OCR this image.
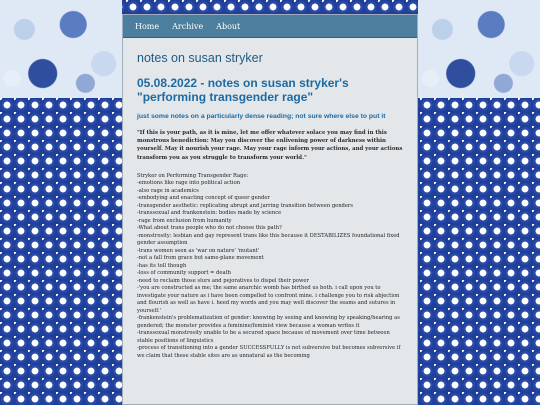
Home Archive About
notes on susan stryker
05.08.2022 - notes on susan stryker's "performing transgender rage"

just some notes on a particularly dense reading; not sure where else to put it

"If this is your path, as it is mine, let me offer whatever solace you may find in this monstrous benediction: May you discover the enlivening power of darkness within yourself. May it nourish your rage. May your rage inform your actions, and your actions transform you as you struggle to transform your world."

Stryker on Performing Transgender Rage:
-emotions like rage into political action
-also rage in academics
-embodying and enacting concept of queer gender
-transgender aesthetic: replicating abrupt and jarring transition between genders
-transsexual and frankenstein: bodies made by science
-rage from exclusion from humanity
-What about trans people who do not choose this path?
-monstrosity: lesbian and gay represent trans like this because it DESTABILIZES foundational fixed gender assumption
-trans women seen as 'war on nature' 'mutant'
-not a fall from grace but same-plane movement
-has its toll though
-loss of community support = death
-need to reclaim those slurs and pejoratives to dispel their power
-'you are constructed as me; the same anarchic womb has birthed us both. i call upon you to investigate your nature as i have been compelled to confront mine. i challenge you to risk abjection and flourish as well as have i. heed my words and you may well discover the seams and sutures in yourself.'
-frankenstein's problematization of gender: knowing by seeing and knowing by speaking/hearing as gendered; the monster provides a feminine/feminist view because a woman writes it
-transsexual monstrosity unable to be a secured space because of movement over time between stable positions of linguistics
-process of transitioning into a gender SUCCESSFULLY is not subversive but becomes subversive if we claim that these stable sites are as unnatural as the becoming
